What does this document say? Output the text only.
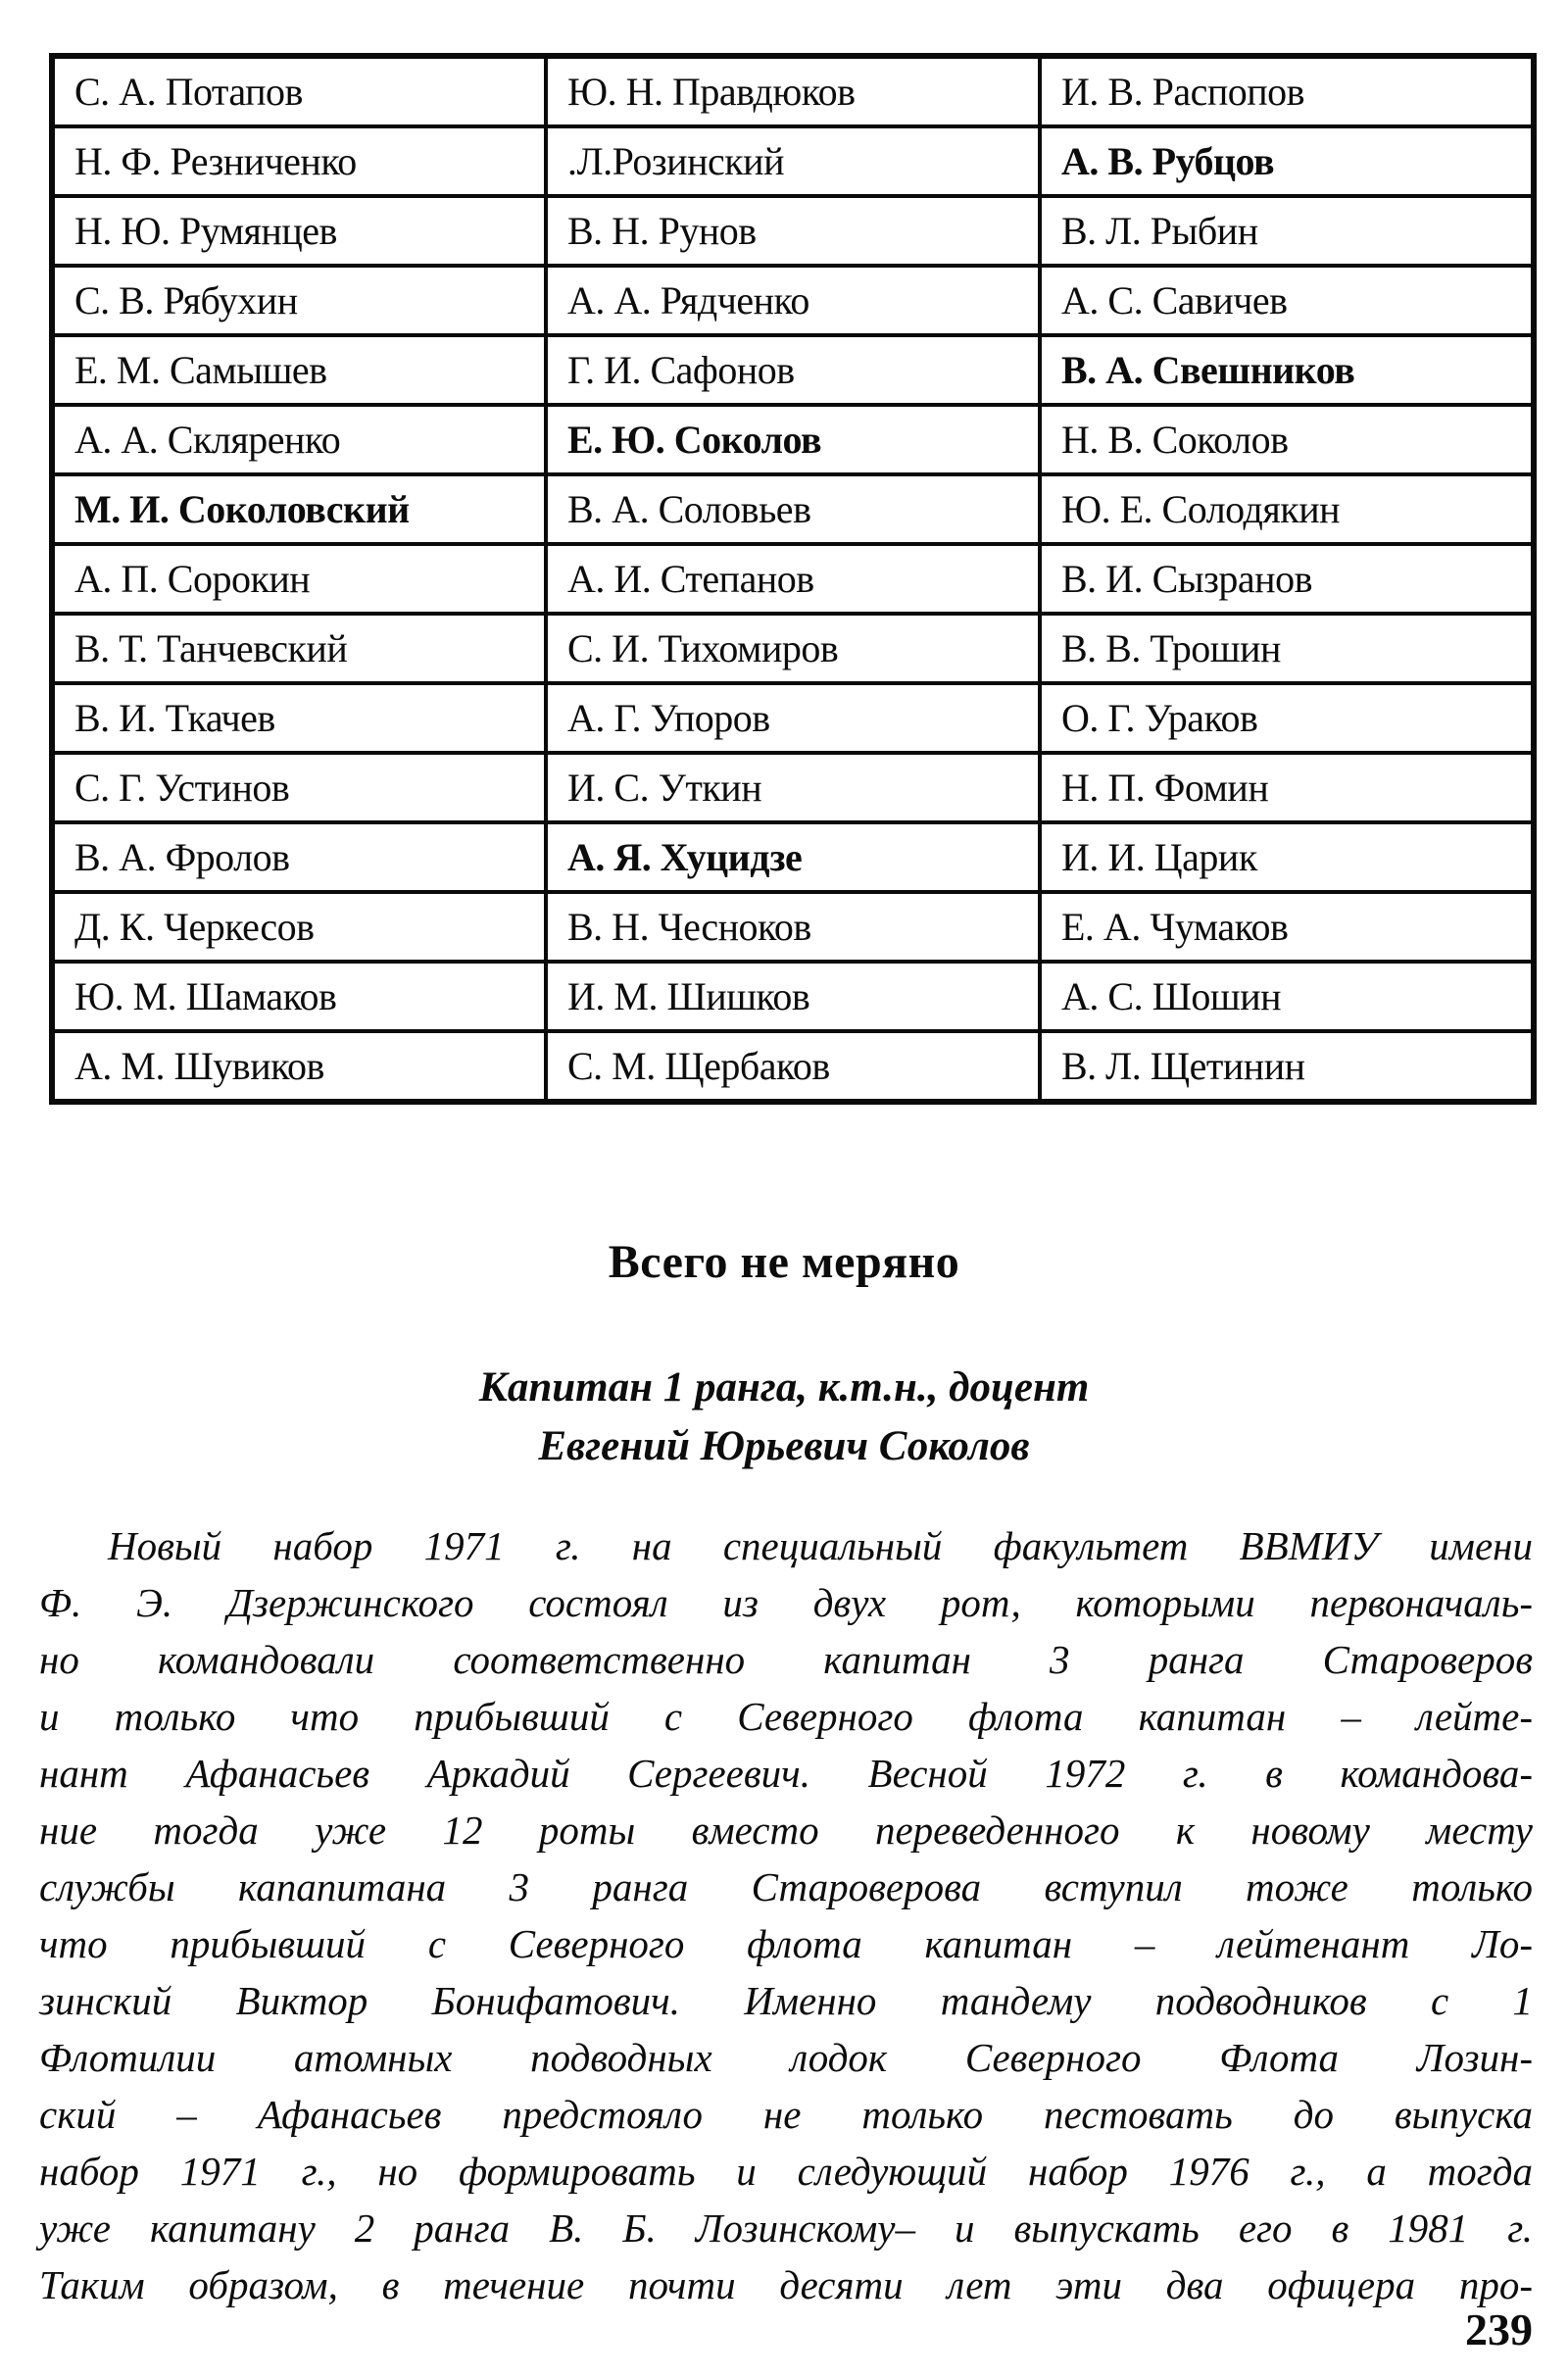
С. А. Потапов	Ю. Н. Правдюков	И. В. Распопов
Н. Ф. Резниченко	.Л.Розинский	А. В. Рубцов
Н. Ю. Румянцев	В. Н. Рунов	В. Л. Рыбин
С. В. Рябухин	А. А. Рядченко	А. С. Савичев
Е. М. Самышев	Г. И. Сафонов	В. А. Свешников
А. А. Скляренко	Е. Ю. Соколов	Н. В. Соколов
М. И. Соколовский	В. А. Соловьев	Ю. Е. Солодякин
А. П. Сорокин	А. И. Степанов	В. И. Сызранов
В. Т. Танчевский	С. И. Тихомиров	В. В. Трошин
В. И. Ткачев	А. Г. Упоров	О. Г. Ураков
С. Г. Устинов	И. С. Уткин	Н. П. Фомин
В. А. Фролов	А. Я. Хуцидзе	И. И. Царик
Д. К. Черкесов	В. Н. Чесноков	Е. А. Чумаков
Ю. М. Шамаков	И. М. Шишков	А. С. Шошин
А. М. Шувиков	С. М. Щербаков	В. Л. Щетинин
Всего не меряно
Капитан 1 ранга, к.т.н., доцент
Евгений Юрьевич Соколов
Новый набор 1971 г. на специальный факультет ВВМИУ имени
Ф. Э. Дзержинского состоял из двух рот, которыми первоначаль-
но командовали соответственно капитан 3 ранга Староверов
и только что прибывший с Северного флота капитан – лейте-
нант Афанасьев Аркадий Сергеевич. Весной 1972 г. в командова-
ние тогда уже 12 роты вместо переведенного к новому месту
службы капапитана 3 ранга Староверова вступил тоже только
что прибывший с Северного флота капитан – лейтенант Ло-
зинский Виктор Бонифатович. Именно тандему подводников с 1
Флотилии атомных подводных лодок Северного Флота Лозин-
ский – Афанасьев предстояло не только пестовать до выпуска
набор 1971 г., но формировать и следующий набор 1976 г., а тогда
уже капитану 2 ранга В. Б. Лозинскому– и выпускать его в 1981 г.
Таким образом, в течение почти десяти лет эти два офицера про-
239
